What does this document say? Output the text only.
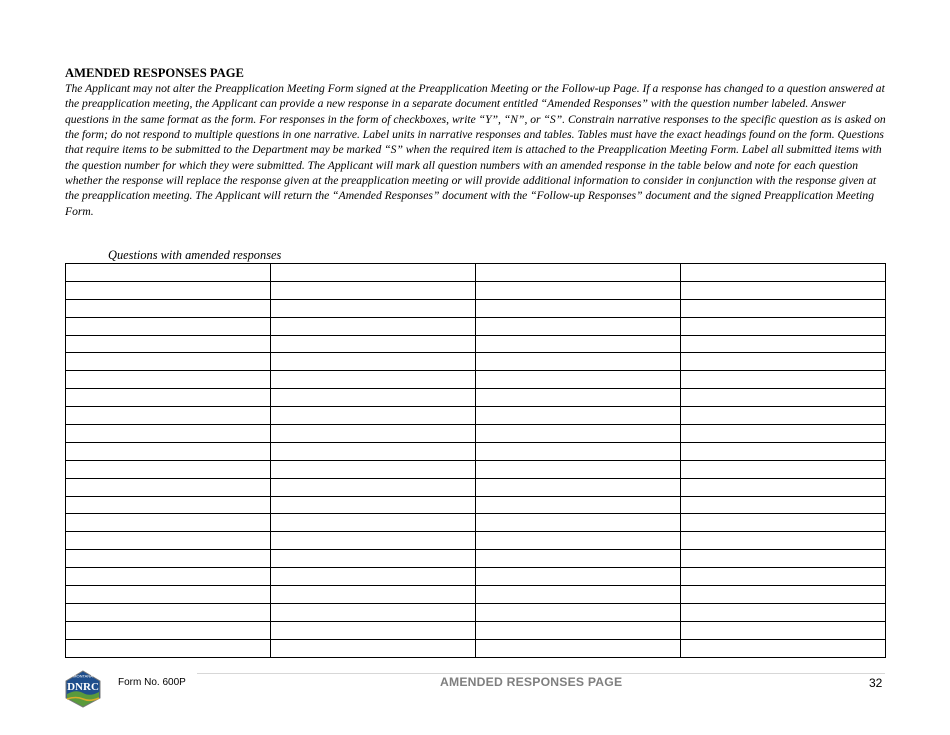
AMENDED RESPONSES PAGE

The Applicant may not alter the Preapplication Meeting Form signed at the Preapplication Meeting or the Follow-up Page. If a response has changed to a question answered at the preapplication meeting, the Applicant can provide a new response in a separate document entitled “Amended Responses” with the question number labeled. Answer questions in the same format as the form. For responses in the form of checkboxes, write “Y”, “N”, or “S”. Constrain narrative responses to the specific question as is asked on the form; do not respond to multiple questions in one narrative. Label units in narrative responses and tables. Tables must have the exact headings found on the form. Questions that require items to be submitted to the Department may be marked “S” when the required item is attached to the Preapplication Meeting Form. Label all submitted items with the question number for which they were submitted. The Applicant will mark all question numbers with an amended response in the table below and note for each question whether the response will replace the response given at the preapplication meeting or will provide additional information to consider in conjunction with the response given at the preapplication meeting. The Applicant will return the “Amended Responses” document with the “Follow-up Responses” document and the signed Preapplication Meeting Form.

Questions with amended responses

MONTANA
DNRC Form No. 600P	AMENDED RESPONSES PAGE	32
